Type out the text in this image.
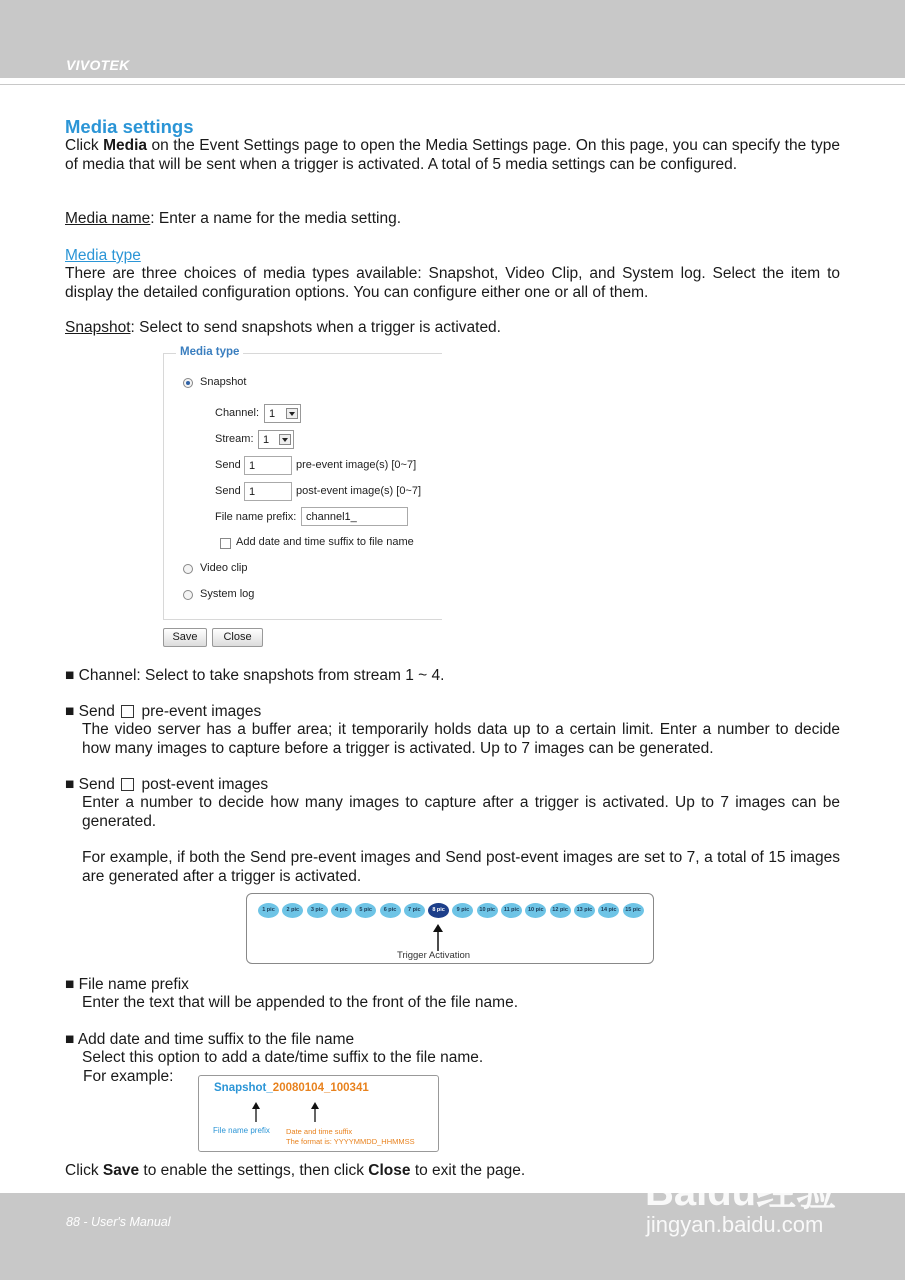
VIVOTEK
Media settings

Click Media on the Event Settings page to open the Media Settings page. On this page, you can specify the type of media that will be sent when a trigger is activated. A total of 5 media settings can be configured.

Media name: Enter a name for the media setting.

Media type

There are three choices of media types available: Snapshot, Video Clip, and System log. Select the item to display the detailed configuration options. You can configure either one or all of them.

Snapshot: Select to send snapshots when a trigger is activated.

Media type
Snapshot
Channel: 1
Stream: 1
Send 1	pre-event image(s) [0~7]
Send 1	post-event image(s) [0~7]
File name prefix: channel1_
Add date and time suffix to file name
Video clip
System log
Save	Close

■ Channel: Select to take snapshots from stream 1 ~ 4.

■ Send  pre-event images

The video server has a buffer area; it temporarily holds data up to a certain limit. Enter a number to decide how many images to capture before a trigger is activated. Up to 7 images can be generated.

■ Send  post-event images

Enter a number to decide how many images to capture after a trigger is activated. Up to 7 images can be generated.

For example, if both the Send pre-event images and Send post-event images are set to 7, a total of 15 images are generated after a trigger is activated.

Trigger Activation
1 pic	2 pic	3 pic	4 pic	5 pic	6 pic	7 pic	8 pic	9 pic	10 pic	11 pic	10 pic	12 pic	13 pic	14 pic	15 pic

■ File name prefix

Enter the text that will be appended to the front of the file name.

■ Add date and time suffix to the file name

Select this option to add a date/time suffix to the file name.

For example:

Snapshot_20080104_100341
File name prefix Date and time suffix
The format is: YYYYMMDD_HHMMSS

Click Save to enable the settings, then click Close to exit the page.

88 - User's Manual
Baidu经验
jingyan.baidu.com
